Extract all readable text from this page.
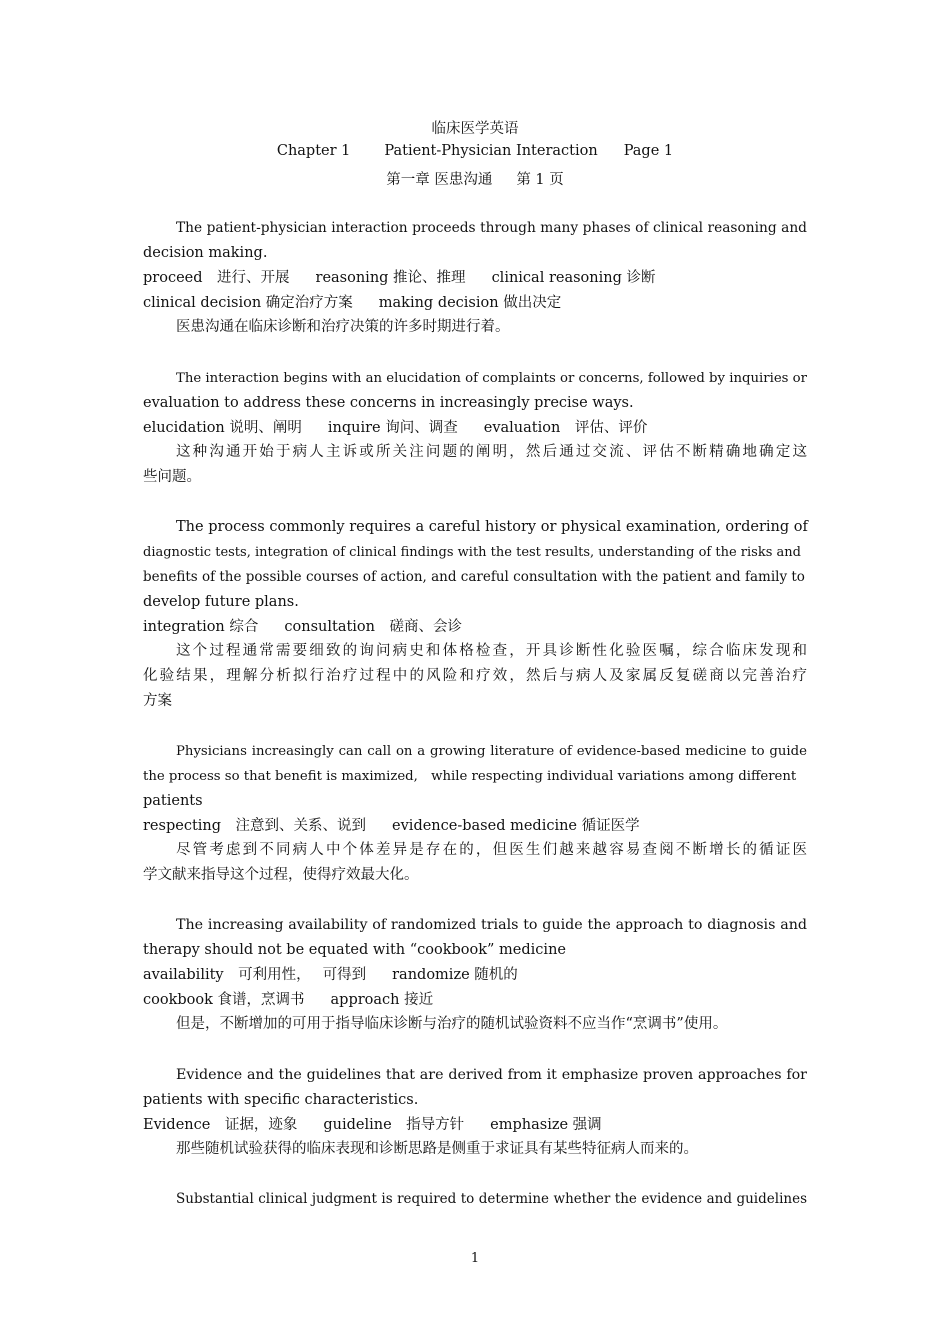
临床医学英语
Chapter 1 Patient-Physician Interaction Page 1
第一章 医患沟通 第 1 页
The patient-physician interaction proceeds through many phases of clinical reasoning and
decision making.
proceed　进行、开展 reasoning 推论、推理 clinical reasoning 诊断
clinical decision 确定治疗方案 making decision 做出决定
医患沟通在临床诊断和治疗决策的许多时期进行着。
The interaction begins with an elucidation of complaints or concerns, followed by inquiries or
evaluation to address these concerns in increasingly precise ways.
elucidation 说明、阐明 inquire 询问、调查 evaluation　评估、评价
这种沟通开始于病人主诉或所关注问题的阐明，然后通过交流、评估不断精确地确定这
些问题。
The process commonly requires a careful history or physical examination, ordering of
diagnostic tests, integration of clinical findings with the test results, understanding of the risks and
benefits of the possible courses of action, and careful consultation with the patient and family to
develop future plans.
integration 综合 consultation　磋商、会诊
这个过程通常需要细致的询问病史和体格检查，开具诊断性化验医嘱，综合临床发现和
化验结果，理解分析拟行治疗过程中的风险和疗效，然后与病人及家属反复磋商以完善治疗
方案
Physicians increasingly can call on a growing literature of evidence-based medicine to guide
the process so that benefit is maximized,　while respecting individual variations among different
patients
respecting　注意到、关系、说到 evidence-based medicine 循证医学
尽管考虑到不同病人中个体差异是存在的，但医生们越来越容易查阅不断增长的循证医
学文献来指导这个过程，使得疗效最大化。
The increasing availability of randomized trials to guide the approach to diagnosis and
therapy should not be equated with “cookbook” medicine
availability　可利用性， 可得到 randomize 随机的
cookbook 食谱，烹调书 approach 接近
但是，不断增加的可用于指导临床诊断与治疗的随机试验资料不应当作“烹调书”使用。
Evidence and the guidelines that are derived from it emphasize proven approaches for
patients with specific characteristics.
Evidence　证据，迹象 guideline　指导方针 emphasize 强调
那些随机试验获得的临床表现和诊断思路是侧重于求证具有某些特征病人而来的。
Substantial clinical judgment is required to determine whether the evidence and guidelines
1
